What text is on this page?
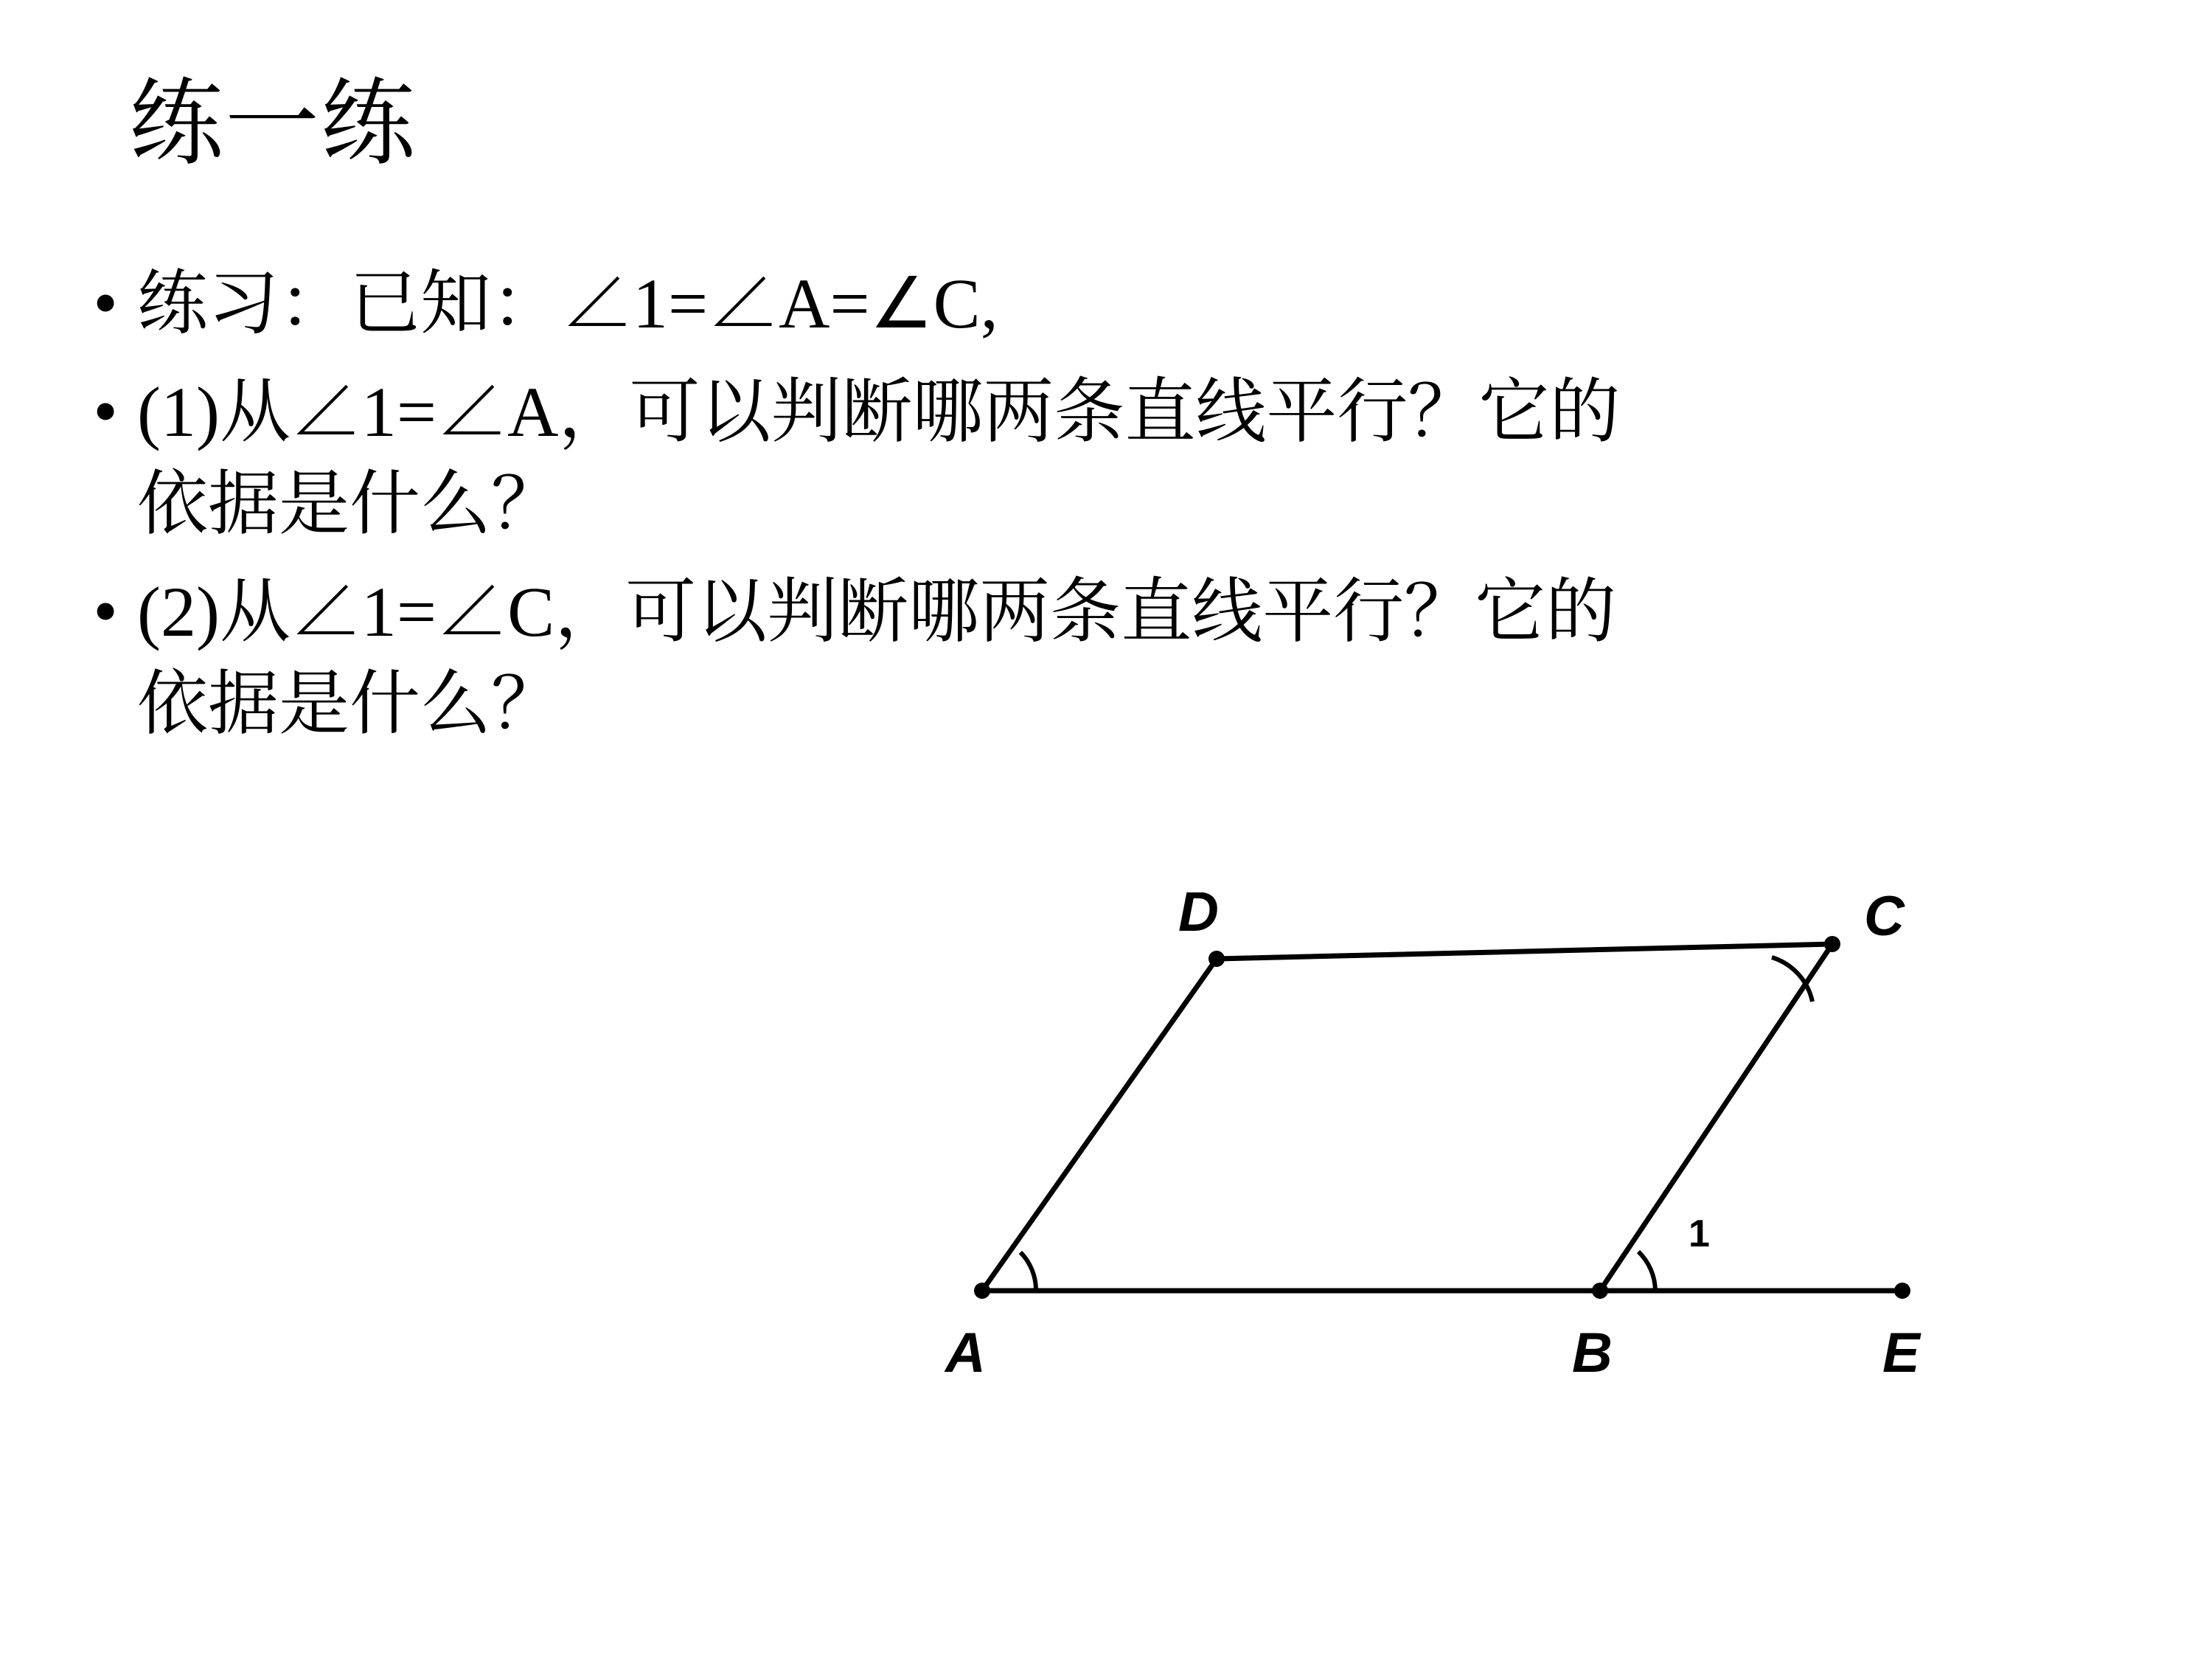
练一练
• 练习：已知：∠1=∠A=∠C,
• (1)从∠1=∠A，可以判断哪两条直线平行？它的依据是什么？
• (2)从∠1=∠C，可以判断哪两条直线平行？它的依据是什么？
D	C
A	B	E
1
